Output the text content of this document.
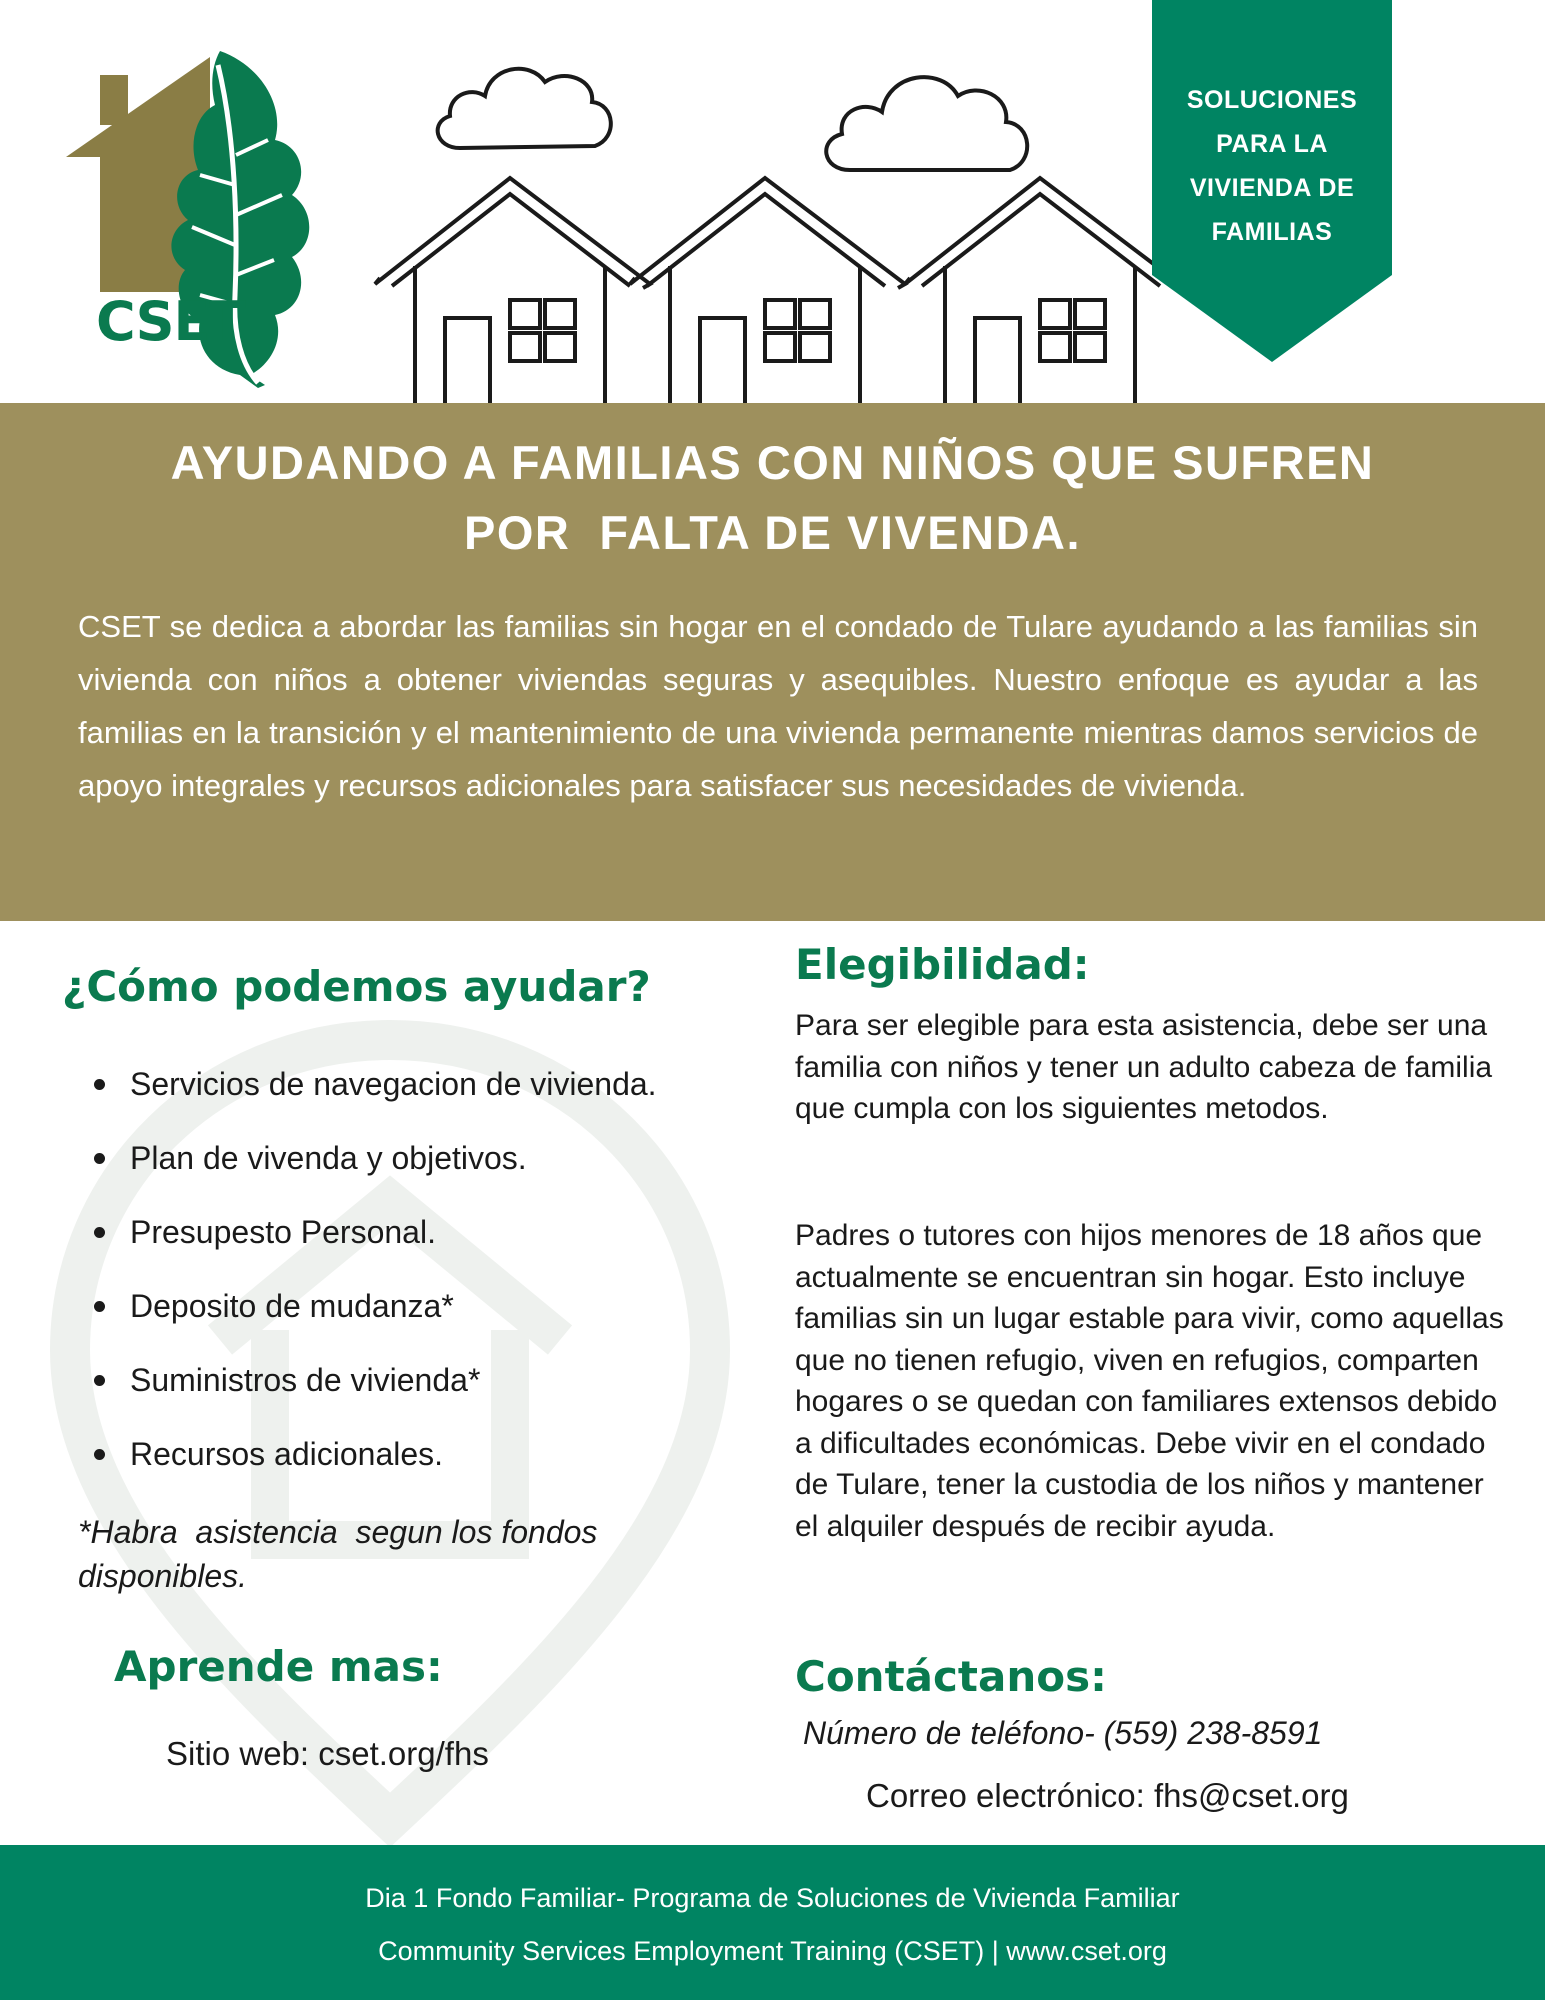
CSET
SOLUCIONES
PARA LA
VIVIENDA DE
FAMILIAS
AYUDANDO A FAMILIAS CON NIÑOS QUE SUFREN
POR  FALTA DE VIVENDA.
CSET se dedica a abordar las familias sin hogar en el condado de Tulare ayudando a las familias sin vivienda con niños a obtener viviendas seguras y asequibles. Nuestro enfoque es ayudar a las familias en la transición y el mantenimiento de una vivienda permanente mientras damos servicios de apoyo integrales y recursos adicionales para satisfacer sus necesidades de vivienda.
¿Cómo podemos ayudar?
Servicios de navegacion de vivienda.
Plan de vivenda y objetivos.
Presupesto Personal.
Deposito de mudanza*
Suministros de vivienda*
Recursos adicionales.
*Habra  asistencia  segun los fondos disponibles.
Aprende mas:
Sitio web: cset.org/fhs
Elegibilidad:
Para ser elegible para esta asistencia, debe ser una familia con niños y tener un adulto cabeza de familia que cumpla con los siguientes metodos.
Padres o tutores con hijos menores de 18 años que actualmente se encuentran sin hogar. Esto incluye familias sin un lugar estable para vivir, como aquellas que no tienen refugio, viven en refugios, comparten hogares o se quedan con familiares extensos debido a dificultades económicas. Debe vivir en el condado de Tulare, tener la custodia de los niños y mantener el alquiler después de recibir ayuda.
Contáctanos:
Número de teléfono- (559) 238-8591
Correo electrónico: fhs@cset.org
Dia 1 Fondo Familiar- Programa de Soluciones de Vivienda Familiar
Community Services Employment Training (CSET) | www.cset.org
